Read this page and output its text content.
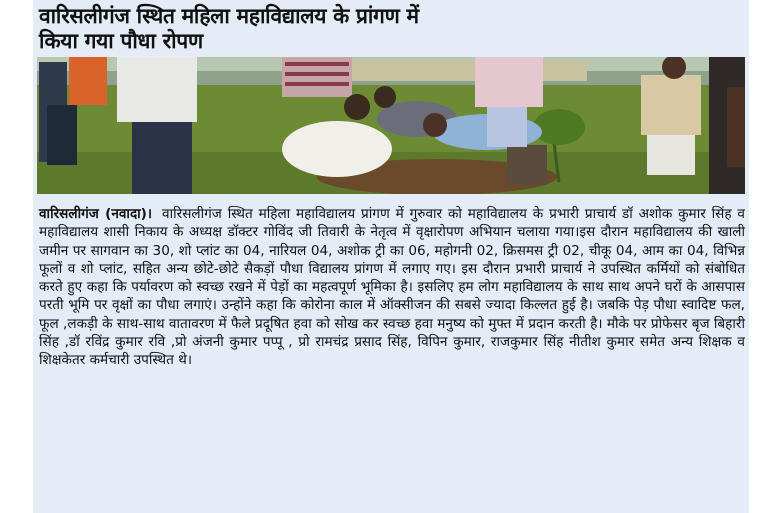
वारिसलीगंज स्थित महिला महाविद्यालय के प्रांगण में
किया गया पौधा रोपण

वारिसलीगंज (नवादा)। वारिसलीगंज स्थित महिला महाविद्यालय प्रांगण में गुरुवार को महाविद्यालय के प्रभारी प्राचार्य डॉ अशोक कुमार सिंह व महाविद्यालय शासी निकाय के अध्यक्ष डॉक्टर गोविंद जी तिवारी के नेतृत्व में वृक्षारोपण अभियान चलाया गया।इस दौरान महाविद्यालय की खाली जमीन पर सागवान का 30, शो प्लांट का 04, नारियल 04, अशोक ट्री का 06, महोगनी 02, क्रिसमस ट्री 02, चीकू 04, आम का 04, विभिन्न फूलों व शो प्लांट, सहित अन्य छोटे-छोटे सैकड़ों पौधा विद्यालय प्रांगण में लगाए गए। इस दौरान प्रभारी प्राचार्य ने उपस्थित कर्मियों को संबोधित करते हुए कहा कि पर्यावरण को स्वच्छ रखने में पेड़ों का महत्वपूर्ण भूमिका है। इसलिए हम लोग महाविद्यालय के साथ साथ अपने घरों के आसपास परती भूमि पर वृक्षों का पौधा लगाएं। उन्होंने कहा कि कोरोना काल में ऑक्सीजन की सबसे ज्यादा किल्लत हुई है। जबकि पेड़ पौधा स्वादिष्ट फल, फूल ,लकड़ी के साथ-साथ वातावरण में फैले प्रदूषित हवा को सोख कर स्वच्छ हवा मनुष्य को मुफ्त में प्रदान करती है। मौके पर प्रोफेसर बृज बिहारी सिंह ,डॉ रविंद्र कुमार रवि ,प्रो अंजनी कुमार पप्पू , प्रो रामचंद्र प्रसाद सिंह, विपिन कुमार, राजकुमार सिंह नीतीश कुमार समेत अन्य शिक्षक व शिक्षकेतर कर्मचारी उपस्थित थे।
